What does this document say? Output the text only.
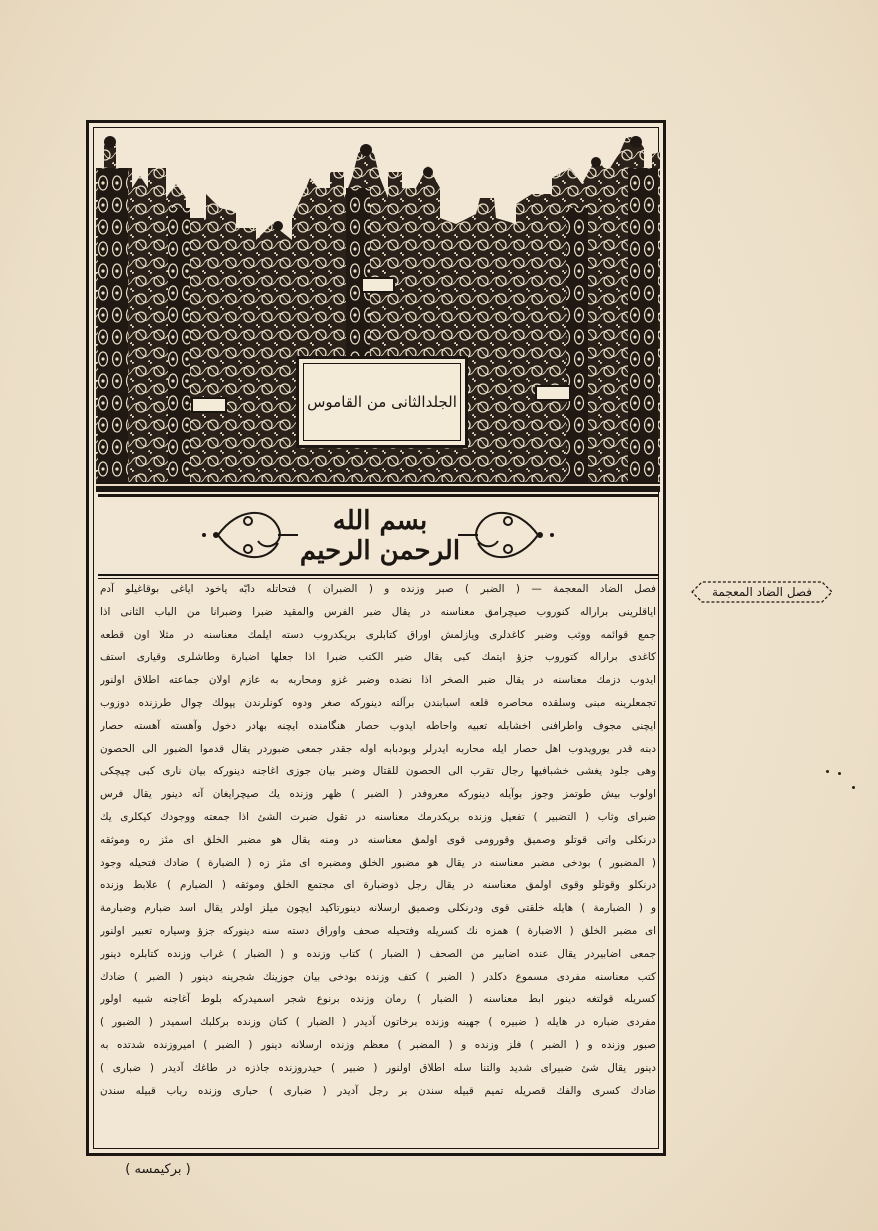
الجلدالثانى من القاموس
بسم الله الرحمن الرحيم
فصل الضاد المعجمة — ( الضبر ) صبر وزنده و ( الضبران ) فتحاتله دابّه ياخود اياغى بوقاغيلو آدم
اياقلرينى براراله كنوروب صيچرامق معناسنه در يقال ضبر الفرس والمقيد ضبرا وضبرانا من الباب الثانى اذا
جمع قوائمه ووثب وضبر كاغدلرى ويازلمش اوراق كتابلرى بريكدروب دسته ايلمك معناسنه در مثلا اون قطعه
كاغدى براراله كتوروب جزؤ ايتمك كبى يقال ضبر الكتب ضبرا اذا جعلها اضبارة وطاشلرى وقيارى استف
ايدوب دزمك معناسنه در يقال ضبر الصخر اذا نضده وضبر غزو ومحاربه به عازم اولان جماعته اطلاق اولنور
تجمعلرينه مبنى وسلقده محاصره قلعه اسبابندن برآلته دينوركه صغر ودوه كونلرندن يپولك چوال طرزنده دوزوب
ايچنى مجوف واطرافنى اخشابله تعبيه واحاطه ايدوب حصار هنگامنده ايچنه بهادر دخول وآهسته آهسته حصار
دبنه قدر يورويدوب اهل حصار ايله محاربه ايدرلر وبودبابه اوله جقدر جمعى ضبوردر يقال قدموا الضبور الى الحصون
وهى جلود يغشى خشبافيها رجال تقرب الى الحصون للقتال وضبر بيان جوزى اغاجنه دينوركه بيان نارى كبى چيچكى
اولوب بيش طوتمز وجوز بوآيله دينوركه معروفدر ( الضبر ) ظهر وزنده يك صيچرايغان آته دينور يقال فرس
ضبراى وثاب ( التضبير ) تفعيل وزنده بريكدرمك معناسنه در تقول ضبرت الشئ اذا جمعته ووجودك كيكلرى يك
درنكلى واتى قوتلو وصميق وقورومى قوى اولمق معناسنه در ومنه يقال هو مضبر الخلق اى مئز ره وموثقه
( المضبور ) بودخى مضبر معناسنه در يقال هو مضبور الخلق ومضبره اى مئز زه ( الضبارة ) ضادك فتحيله وجود
درنكلو وقوتلو وقوى اولمق معناسنه در يقال رجل ذوضبارة اى مجتمع الخلق وموثقه ( الضبارم ) علابط وزنده
و ( الضبارمة ) هايله خلقتى قوى ودرنكلى وصميق ارسلانه دينورتاكيد ايچون ميلز اولدر يقال اسد ضبارم وضبارمة
اى مضبر الخلق ( الاضبارة ) همزه نك كسريله وفتحيله صحف واوراق دسته سنه دينوركه جزؤ وسياره تعبير اولنور
جمعى اضابيردر يقال عنده اضابير من الصحف ( الضبار ) كتاب وزنده و ( الضبار ) غراب وزنده كتابلره دينور
كتب معناسنه مفردى مسموع دكلدر ( الضبر ) كتف وزنده بودخى بيان جوزينك شجرينه دينور ( الضبر ) ضادك
كسريله قولتغه دينور ابط معناسنه ( الضبار ) رمان وزنده برنوع شجر اسميدركه بلوط آغاجنه شبيه اولور
مفردى ضباره در هايله ( ضبيره ) جهينه وزنده برخاتون آديدر ( الضبار ) كتان وزنده بركلبك اسميدر ( الضبور )
صبور وزنده و ( الضبر ) فلز وزنده و ( المضبر ) معظم وزنده ارسلانه دينور ( الضبر ) اميروزنده شدتده به
دينور يقال شئ ضبيراى شديد والتنا سله اطلاق اولنور ( ضبير ) حيدروزنده جاذزه در طاغك آديدر ( ضبارى )
ضادك كسرى والفك قصريله تميم قبيله سندن بر رجل آديدر ( ضبارى ) حبارى وزنده رباب قبيله سندن
فصل الضاد المعجمة
( بركيمسه )
